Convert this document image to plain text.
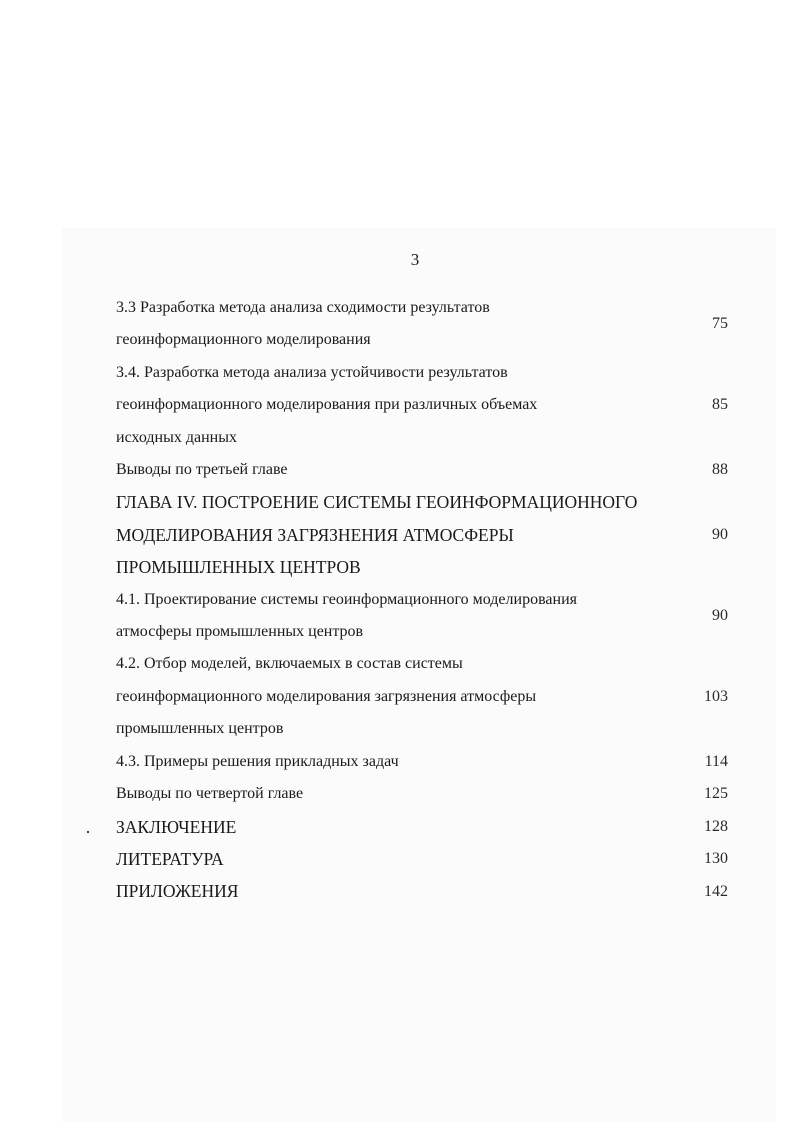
3
3.3 Разработка метода анализа сходимости результатов
геоинформационного моделирования
75
3.4. Разработка метода анализа устойчивости результатов
геоинформационного моделирования при различных объемах
исходных данных
85
Выводы по третьей главе	88
ГЛАВА IV. ПОСТРОЕНИЕ СИСТЕМЫ ГЕОИНФОРМАЦИОННОГО
МОДЕЛИРОВАНИЯ ЗАГРЯЗНЕНИЯ АТМОСФЕРЫ
ПРОМЫШЛЕННЫХ ЦЕНТРОВ
90
4.1. Проектирование системы геоинформационного моделирования
атмосферы промышленных центров
90
4.2. Отбор моделей, включаемых в состав системы
геоинформационного моделирования загрязнения атмосферы
промышленных центров
103
4.3. Примеры решения прикладных задач	114
Выводы по четвертой главе	125
ЗАКЛЮЧЕНИЕ	128
ЛИТЕРАТУРА	130
ПРИЛОЖЕНИЯ	142
